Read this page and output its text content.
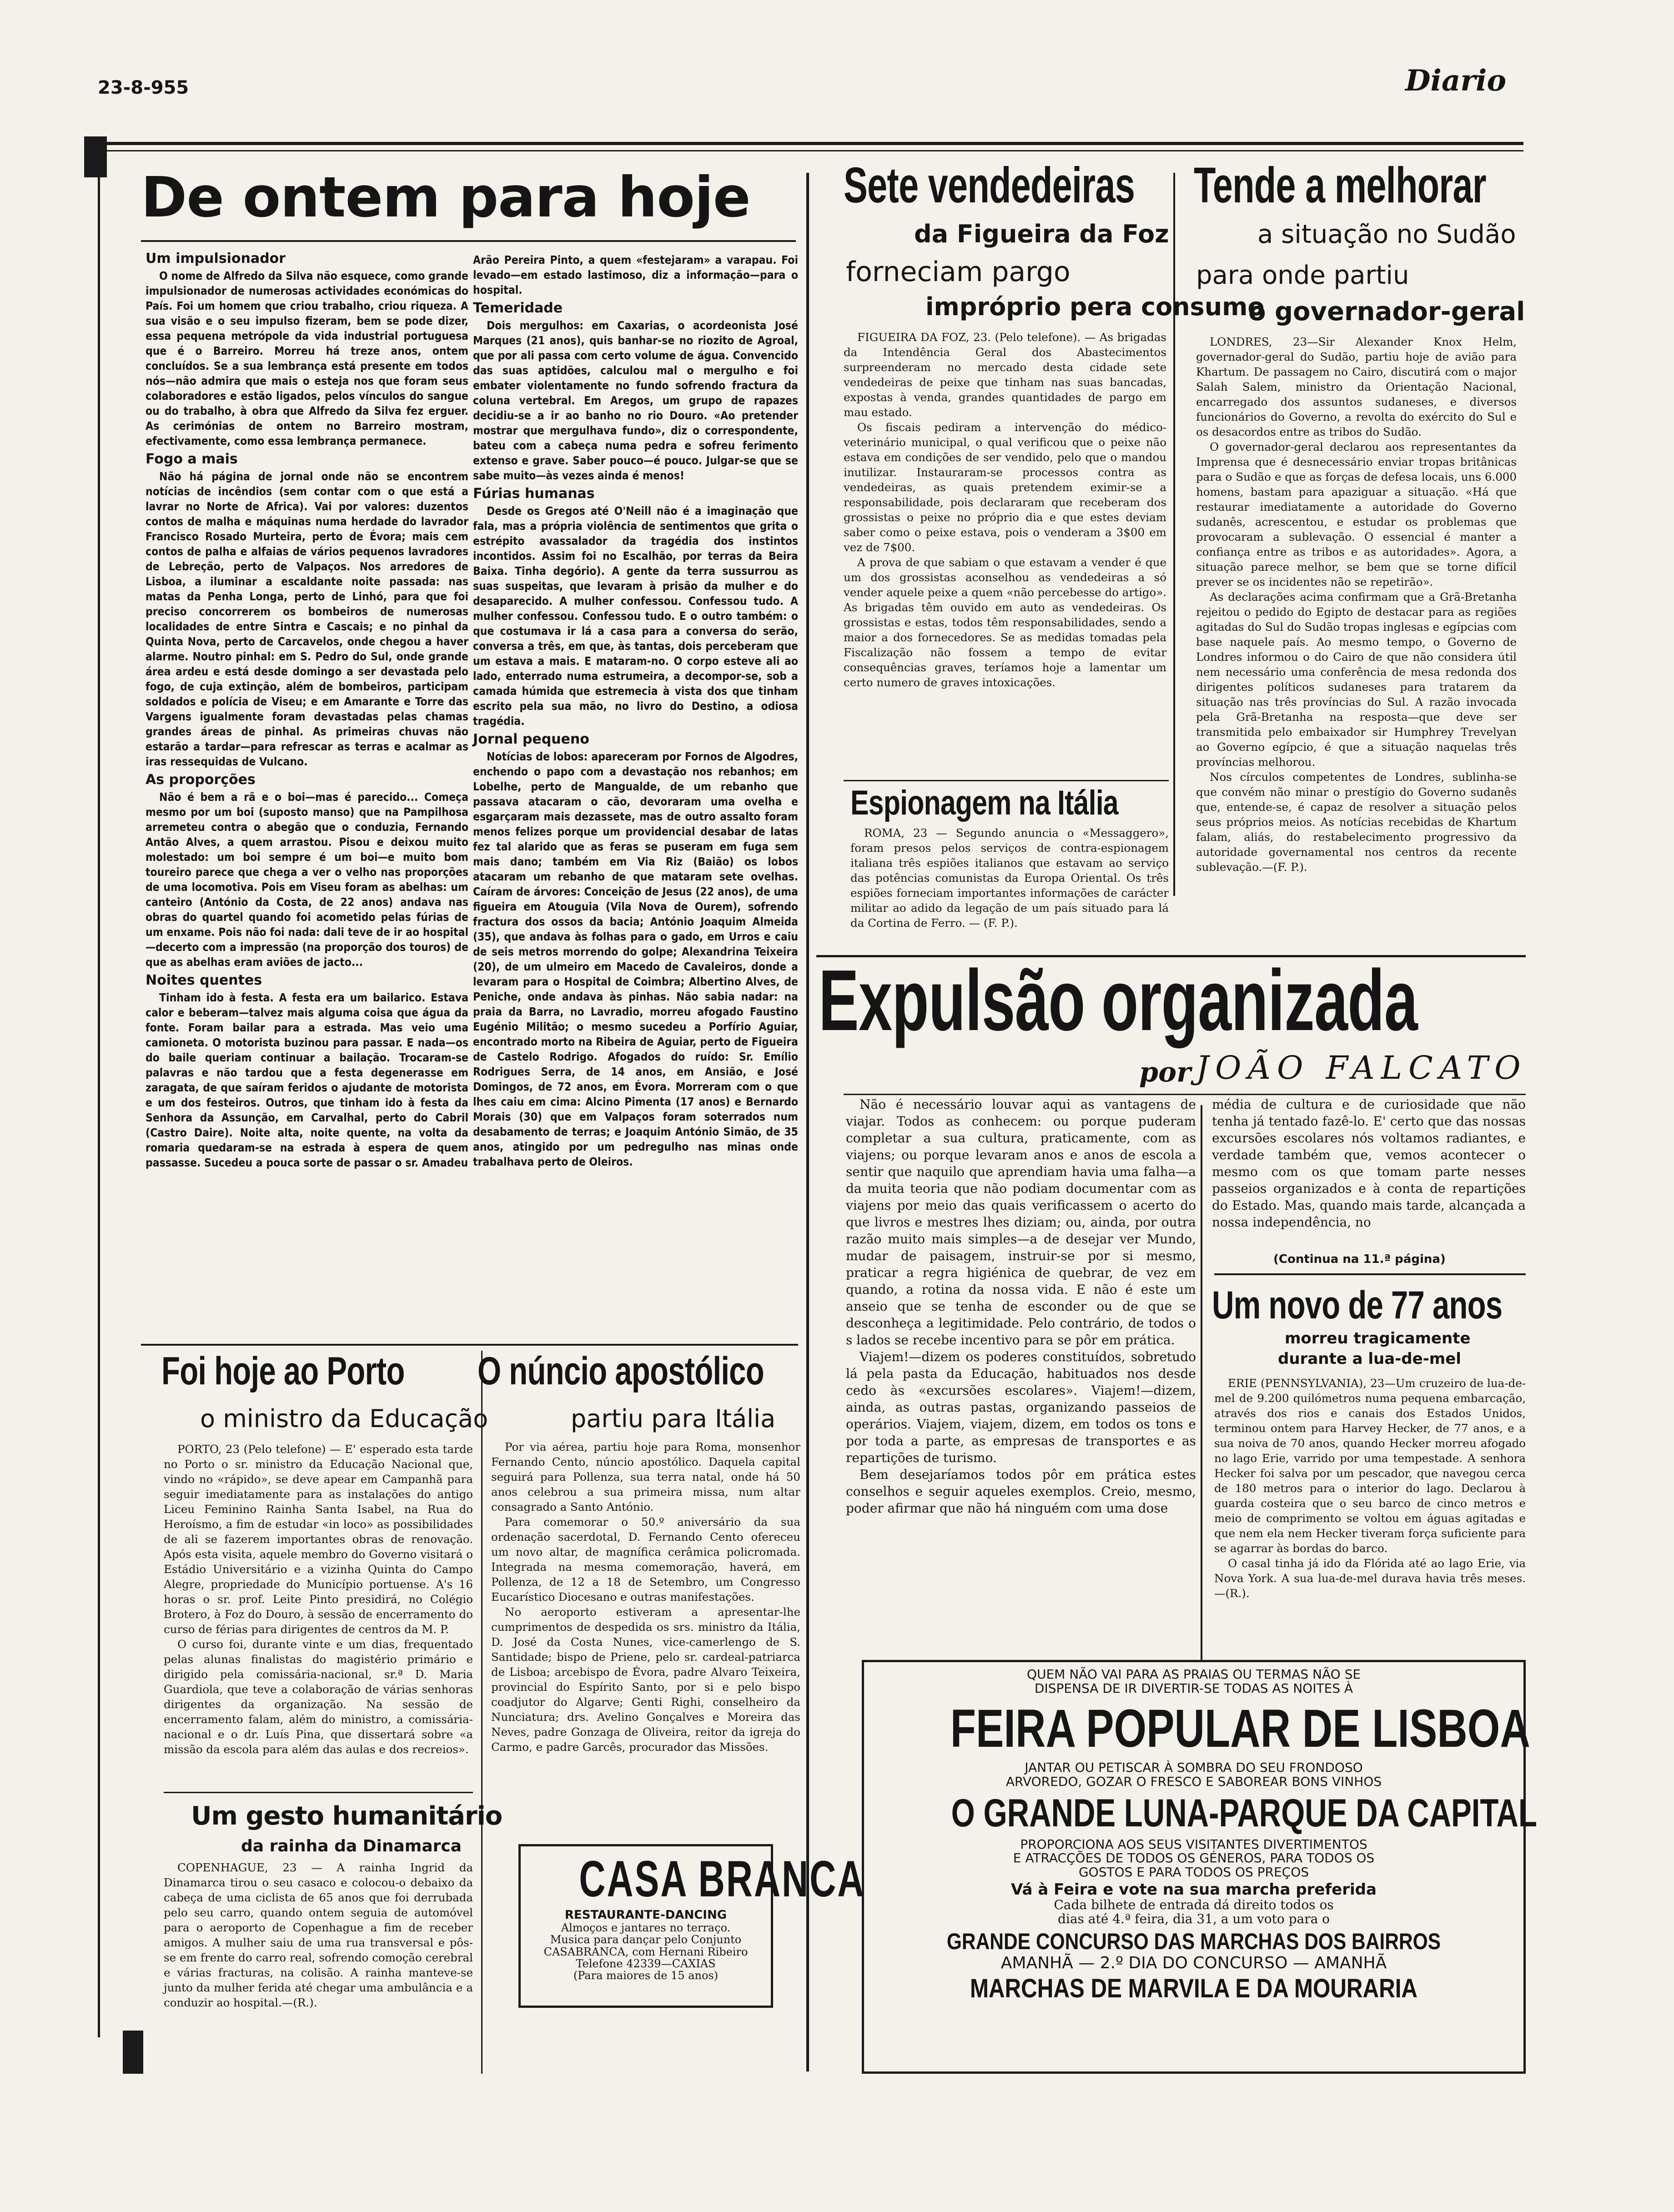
23-8-955	Diario
De ontem para hoje
Um impulsionador

O nome de Alfredo da Silva não esquece, como grande impulsionador de numerosas actividades económicas do País. Foi um homem que criou trabalho, criou riqueza. A sua visão e o seu impulso fizeram, bem se pode dizer, essa pequena metrópole da vida industrial portuguesa que é o Barreiro. Morreu há treze anos, ontem concluídos. Se a sua lembrança está presente em todos nós—não admira que mais o esteja nos que foram seus colaboradores e estão ligados, pelos vínculos do sangue ou do trabalho, à obra que Alfredo da Silva fez erguer. As cerimónias de ontem no Barreiro mostram, efectivamente, como essa lembrança permanece.

Fogo a mais

Não há página de jornal onde não se encontrem notícias de incêndios (sem contar com o que está a lavrar no Norte de Africa). Vai por valores: duzentos contos de malha e máquinas numa herdade do lavrador Francisco Rosado Murteira, perto de Évora; mais cem contos de palha e alfaias de vários pequenos lavradores de Lebreção, perto de Valpaços. Nos arredores de Lisboa, a iluminar a escaldante noite passada: nas matas da Penha Longa, perto de Linhó, para que foi preciso concorrerem os bombeiros de numerosas localidades de entre Sintra e Cascais; e no pinhal da Quinta Nova, perto de Carcavelos, onde chegou a haver alarme. Noutro pinhal: em S. Pedro do Sul, onde grande área ardeu e está desde domingo a ser devastada pelo fogo, de cuja extinção, além de bombeiros, participam soldados e polícia de Viseu; e em Amarante e Torre das Vargens igualmente foram devastadas pelas chamas grandes áreas de pinhal. As primeiras chuvas não estarão a tardar—para refrescar as terras e acalmar as iras ressequidas de Vulcano.

As proporções

Não é bem a rã e o boi—mas é parecido... Começa mesmo por um boi (suposto manso) que na Pampilhosa arremeteu contra o abegão que o conduzia, Fernando Antão Alves, a quem arrastou. Pisou e deixou muito molestado: um boi sempre é um boi—e muito bom toureiro parece que chega a ver o velho nas proporções de uma locomotiva. Pois em Viseu foram as abelhas: um canteiro (António da Costa, de 22 anos) andava nas obras do quartel quando foi acometido pelas fúrias de um enxame. Pois não foi nada: dali teve de ir ao hospital—decerto com a impressão (na proporção dos touros) de que as abelhas eram aviões de jacto...

Noites quentes

Tinham ido à festa. A festa era um bailarico. Estava calor e beberam—talvez mais alguma coisa que água da fonte. Foram bailar para a estrada. Mas veio uma camioneta. O motorista buzinou para passar. E nada—os do baile queriam continuar a bailação. Trocaram-se palavras e não tardou que a festa degenerasse em zaragata, de que saíram feridos o ajudante de motorista e um dos festeiros. Outros, que tinham ido à festa da Senhora da Assunção, em Carvalhal, perto do Cabril (Castro Daire). Noite alta, noite quente, na volta da romaria quedaram-se na estrada à espera de quem passasse. Sucedeu a pouca sorte de passar o sr. Amadeu

Arão Pereira Pinto, a quem «festejaram» a varapau. Foi levado—em estado lastimoso, diz a informação—para o hospital.

Temeridade

Dois mergulhos: em Caxarias, o acordeonista José Marques (21 anos), quis banhar-se no riozito de Agroal, que por ali passa com certo volume de água. Convencido das suas aptidões, calculou mal o mergulho e foi embater violentamente no fundo sofrendo fractura da coluna vertebral. Em Aregos, um grupo de rapazes decidiu-se a ir ao banho no rio Douro. «Ao pretender mostrar que mergulhava fundo», diz o correspondente, bateu com a cabeça numa pedra e sofreu ferimento extenso e grave. Saber pouco—é pouco. Julgar-se que se sabe muito—às vezes ainda é menos!

Fúrias humanas

Desde os Gregos até O'Neill não é a imaginação que fala, mas a própria violência de sentimentos que grita o estrépito avassalador da tragédia dos instintos incontidos. Assim foi no Escalhão, por terras da Beira Baixa. Tinha degório). A gente da terra sussurrou as suas suspeitas, que levaram à prisão da mulher e do desaparecido. A mulher confessou. Confessou tudo. A mulher confessou. Confessou tudo. E o outro também: o que costumava ir lá a casa para a conversa do serão, conversa a três, em que, às tantas, dois perceberam que um estava a mais. E mataram-no. O corpo esteve ali ao lado, enterrado numa estrumeira, a decompor-se, sob a camada húmida que estremecia à vista dos que tinham escrito pela sua mão, no livro do Destino, a odiosa tragédia.

Jornal pequeno

Notícias de lobos: apareceram por Fornos de Algodres, enchendo o papo com a devastação nos rebanhos; em Lobelhe, perto de Mangualde, de um rebanho que passava atacaram o cão, devoraram uma ovelha e esgarçaram mais dezassete, mas de outro assalto foram menos felizes porque um providencial desabar de latas fez tal alarido que as feras se puseram em fuga sem mais dano; também em Via Riz (Baião) os lobos atacaram um rebanho de que mataram sete ovelhas. Caíram de árvores: Conceição de Jesus (22 anos), de uma figueira em Atouguia (Vila Nova de Ourem), sofrendo fractura dos ossos da bacia; António Joaquim Almeida (35), que andava às folhas para o gado, em Urros e caiu de seis metros morrendo do golpe; Alexandrina Teixeira (20), de um ulmeiro em Macedo de Cavaleiros, donde a levaram para o Hospital de Coimbra; Albertino Alves, de Peniche, onde andava às pinhas. Não sabia nadar: na praia da Barra, no Lavradio, morreu afogado Faustino Eugénio Militão; o mesmo sucedeu a Porfírio Aguiar, encontrado morto na Ribeira de Aguiar, perto de Figueira de Castelo Rodrigo. Afogados do ruído: Sr. Emílio Rodrigues Serra, de 14 anos, em Ansião, e José Domingos, de 72 anos, em Évora. Morreram com o que lhes caiu em cima: Alcino Pimenta (17 anos) e Bernardo Morais (30) que em Valpaços foram soterrados num desabamento de terras; e Joaquim António Simão, de 35 anos, atingido por um pedregulho nas minas onde trabalhava perto de Oleiros.

Sete vendedeiras
da Figueira da Foz
forneciam pargo
impróprio pera consumo

FIGUEIRA DA FOZ, 23. (Pelo telefone). — As brigadas da Intendência Geral dos Abastecimentos surpreenderam no mercado desta cidade sete vendedeiras de peixe que tinham nas suas bancadas, expostas à venda, grandes quantidades de pargo em mau estado.

Os fiscais pediram a intervenção do médico-veterinário municipal, o qual verificou que o peixe não estava em condições de ser vendido, pelo que o mandou inutilizar. Instauraram-se processos contra as vendedeiras, as quais pretendem eximir-se a responsabilidade, pois declararam que receberam dos grossistas o peixe no próprio dia e que estes deviam saber como o peixe estava, pois o venderam a 3$00 em vez de 7$00.

A prova de que sabiam o que estavam a vender é que um dos grossistas aconselhou as vendedeiras a só vender aquele peixe a quem «não percebesse do artigo». As brigadas têm ouvido em auto as vendedeiras. Os grossistas e estas, todos têm responsabilidades, sendo a maior a dos fornecedores. Se as medidas tomadas pela Fiscalização não fossem a tempo de evitar consequências graves, teríamos hoje a lamentar um certo numero de graves intoxicações.

Tende a melhorar
a situação no Sudão
para onde partiu
o governador-geral

LONDRES, 23—Sir Alexander Knox Helm, governador-geral do Sudão, partiu hoje de avião para Khartum. De passagem no Cairo, discutirá com o major Salah Salem, ministro da Orientação Nacional, encarregado dos assuntos sudaneses, e diversos funcionários do Governo, a revolta do exército do Sul e os desacordos entre as tribos do Sudão.

O governador-geral declarou aos representantes da Imprensa que é desnecessário enviar tropas britânicas para o Sudão e que as forças de defesa locais, uns 6.000 homens, bastam para apaziguar a situação. «Há que restaurar imediatamente a autoridade do Governo sudanês, acrescentou, e estudar os problemas que provocaram a sublevação. O essencial é manter a confiança entre as tribos e as autoridades». Agora, a situação parece melhor, se bem que se torne difícil prever se os incidentes não se repetirão».

As declarações acima confirmam que a Grã-Bretanha rejeitou o pedido do Egipto de destacar para as regiões agitadas do Sul do Sudão tropas inglesas e egípcias com base naquele país. Ao mesmo tempo, o Governo de Londres informou o do Cairo de que não considera útil nem necessário uma conferência de mesa redonda dos dirigentes políticos sudaneses para tratarem da situação nas três províncias do Sul. A razão invocada pela Grã-Bretanha na resposta—que deve ser transmitida pelo embaixador sir Humphrey Trevelyan ao Governo egípcio, é que a situação naquelas três províncias melhorou.

Nos círculos competentes de Londres, sublinha-se que convém não minar o prestígio do Governo sudanês que, entende-se, é capaz de resolver a situação pelos seus próprios meios. As notícias recebidas de Khartum falam, aliás, do restabelecimento progressivo da autoridade governamental nos centros da recente sublevação.—(F. P.).

Espionagem na Itália

ROMA, 23 — Segundo anuncia o «Messaggero», foram presos pelos serviços de contra-espionagem italiana três espiões italianos que estavam ao serviço das potências comunistas da Europa Oriental. Os três espiões forneciam importantes informações de carácter militar ao adido da legação de um país situado para lá da Cortina de Ferro. — (F. P.).

Expulsão organizada
por JOÃO FALCATO

Não é necessário louvar aqui as vantagens de viajar. Todos as conhecem: ou porque puderam completar a sua cultura, praticamente, com as viajens; ou porque levaram anos e anos de escola a sentir que naquilo que aprendiam havia uma falha—a da muita teoria que não podiam documentar com as viajens por meio das quais verificassem o acerto do que livros e mestres lhes diziam; ou, ainda, por outra razão muito mais simples—a de desejar ver Mundo, mudar de paisagem, instruir-se por si mesmo, praticar a regra higiénica de quebrar, de vez em quando, a rotina da nossa vida. E não é este um anseio que se tenha de esconder ou de que se desconheça a legitimidade. Pelo contrário, de todos o s lados se recebe incentivo para se pôr em prática.

Viajem!—dizem os poderes constituídos, sobretudo lá pela pasta da Educação, habituados nos desde cedo às «excursões escolares». Viajem!—dizem, ainda, as outras pastas, organizando passeios de operários. Viajem, viajem, dizem, em todos os tons e por toda a parte, as empresas de transportes e as repartições de turismo.

Bem desejaríamos todos pôr em prática estes conselhos e seguir aqueles exemplos. Creio, mesmo, poder afirmar que não há ninguém com uma dose

média de cultura e de curiosidade que não tenha já tentado fazê-lo. E' certo que das nossas excursões escolares nós voltamos radiantes, e verdade também que, vemos acontecer o mesmo com os que tomam parte nesses passeios organizados e à conta de repartições do Estado. Mas, quando mais tarde, alcançada a nossa independência, no

(Continua na 11.ª página)
Um novo de 77 anos
morreu tragicamente
durante a lua-de-mel

ERIE (PENNSYLVANIA), 23—Um cruzeiro de lua-de-mel de 9.200 quilómetros numa pequena embarcação, através dos rios e canais dos Estados Unidos, terminou ontem para Harvey Hecker, de 77 anos, e a sua noiva de 70 anos, quando Hecker morreu afogado no lago Erie, varrido por uma tempestade. A senhora Hecker foi salva por um pescador, que navegou cerca de 180 metros para o interior do lago. Declarou à guarda costeira que o seu barco de cinco metros e meio de comprimento se voltou em águas agitadas e que nem ela nem Hecker tiveram força suficiente para se agarrar às bordas do barco.

O casal tinha já ido da Flórida até ao lago Erie, via Nova York. A sua lua-de-mel durava havia três meses.—(R.).

Foi hoje ao Porto
o ministro da Educação

PORTO, 23 (Pelo telefone) — E' esperado esta tarde no Porto o sr. ministro da Educação Nacional que, vindo no «rápido», se deve apear em Campanhã para seguir imediatamente para as instalações do antigo Liceu Feminino Rainha Santa Isabel, na Rua do Heroísmo, a fim de estudar «in loco» as possibilidades de ali se fazerem importantes obras de renovação. Após esta visita, aquele membro do Governo visitará o Estádio Universitário e a vizinha Quinta do Campo Alegre, propriedade do Município portuense. A's 16 horas o sr. prof. Leite Pinto presidirá, no Colégio Brotero, à Foz do Douro, à sessão de encerramento do curso de férias para dirigentes de centros da M. P.

O curso foi, durante vinte e um dias, frequentado pelas alunas finalistas do magistério primário e dirigido pela comissária-nacional, sr.ª D. Maria Guardiola, que teve a colaboração de várias senhoras dirigentes da organização. Na sessão de encerramento falam, além do ministro, a comissária-nacional e o dr. Luís Pina, que dissertará sobre «a missão da escola para além das aulas e dos recreios».

O núncio apostólico
partiu para Itália

Por via aérea, partiu hoje para Roma, monsenhor Fernando Cento, núncio apostólico. Daquela capital seguirá para Pollenza, sua terra natal, onde há 50 anos celebrou a sua primeira missa, num altar consagrado a Santo António.

Para comemorar o 50.º aniversário da sua ordenação sacerdotal, D. Fernando Cento ofereceu um novo altar, de magnífica cerâmica policromada. Integrada na mesma comemoração, haverá, em Pollenza, de 12 a 18 de Setembro, um Congresso Eucarístico Diocesano e outras manifestações.

No aeroporto estiveram a apresentar-lhe cumprimentos de despedida os srs. ministro da Itália, D. José da Costa Nunes, vice-camerlengo de S. Santidade; bispo de Priene, pelo sr. cardeal-patriarca de Lisboa; arcebispo de Évora, padre Alvaro Teixeira, provincial do Espírito Santo, por si e pelo bispo coadjutor do Algarve; Genti Righi, conselheiro da Nunciatura; drs. Avelino Gonçalves e Moreira das Neves, padre Gonzaga de Oliveira, reitor da igreja do Carmo, e padre Garcês, procurador das Missões.

Um gesto humanitário
da rainha da Dinamarca

COPENHAGUE, 23 — A rainha Ingrid da Dinamarca tirou o seu casaco e colocou-o debaixo da cabeça de uma ciclista de 65 anos que foi derrubada pelo seu carro, quando ontem seguia de automóvel para o aeroporto de Copenhague a fim de receber amigos. A mulher saiu de uma rua transversal e pôs-se em frente do carro real, sofrendo comoção cerebral e várias fracturas, na colisão. A rainha manteve-se junto da mulher ferida até chegar uma ambulância e a conduzir ao hospital.—(R.).

CASA BRANCA
RESTAURANTE-DANCING
Almoços e jantares no terraço.
Musica para dançar pelo Conjunto
CASABRANCA, com Hernani Ribeiro
Telefone 42339—CAXIAS
(Para maiores de 15 anos)
QUEM NÃO VAI PARA AS PRAIAS OU TERMAS NÃO SE
DISPENSA DE IR DIVERTIR-SE TODAS AS NOITES À
FEIRA POPULAR DE LISBOA
JANTAR OU PETISCAR À SOMBRA DO SEU FRONDOSO
ARVOREDO, GOZAR O FRESCO E SABOREAR BONS VINHOS
O GRANDE LUNA-PARQUE DA CAPITAL
PROPORCIONA AOS SEUS VISITANTES DIVERTIMENTOS
E ATRACÇÕES DE TODOS OS GÉNEROS, PARA TODOS OS
GOSTOS E PARA TODOS OS PREÇOS
Vá à Feira e vote na sua marcha preferida
Cada bilhete de entrada dá direito todos os
dias até 4.ª feira, dia 31, a um voto para o
GRANDE CONCURSO DAS MARCHAS DOS BAIRROS
AMANHÃ — 2.º DIA DO CONCURSO — AMANHÃ
MARCHAS DE MARVILA E DA MOURARIA
